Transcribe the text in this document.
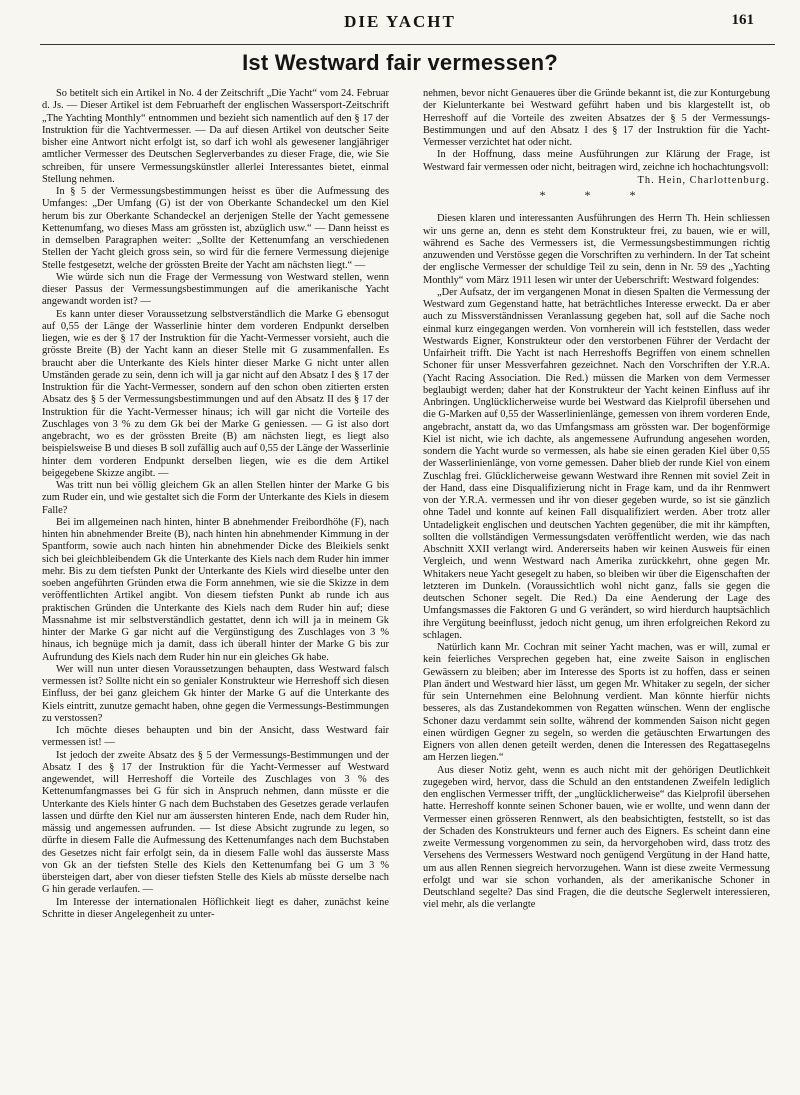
DIE YACHT	161
Ist Westward fair vermessen?

So betitelt sich ein Artikel in No. 4 der Zeitschrift „Die Yacht“ vom 24. Februar d. Js. — Dieser Artikel ist dem Februarheft der englischen Wassersport-Zeitschrift „The Yachting Monthly“ entnommen und bezieht sich namentlich auf den § 17 der Instruktion für die Yachtvermesser. — Da auf diesen Artikel von deutscher Seite bisher eine Antwort nicht erfolgt ist, so darf ich wohl als gewesener langjähriger amtlicher Vermesser des Deutschen Seglerverbandes zu dieser Frage, die, wie Sie schreiben, für unsere Vermessungskünstler allerlei Interessantes bietet, einmal Stellung nehmen.

In § 5 der Vermessungsbestimmungen heisst es über die Aufmessung des Umfanges: „Der Umfang (G) ist der von Oberkante Schandeckel um den Kiel herum bis zur Oberkante Schandeckel an derjenigen Stelle der Yacht gemessene Kettenumfang, wo dieses Mass am grössten ist, abzüglich usw.“ — Dann heisst es in demselben Paragraphen weiter: „Sollte der Kettenumfang an verschiedenen Stellen der Yacht gleich gross sein, so wird für die fernere Vermessung diejenige Stelle festgesetzt, welche der grössten Breite der Yacht am nächsten liegt.“ —

Wie würde sich nun die Frage der Vermessung von Westward stellen, wenn dieser Passus der Vermessungsbestimmungen auf die amerikanische Yacht angewandt worden ist? —

Es kann unter dieser Voraussetzung selbstverständlich die Marke G ebensogut auf 0,55 der Länge der Wasserlinie hinter dem vorderen Endpunkt derselben liegen, wie es der § 17 der Instruktion für die Yacht-Vermesser vorsieht, auch die grösste Breite (B) der Yacht kann an dieser Stelle mit G zusammenfallen. Es braucht aber die Unterkante des Kiels hinter dieser Marke G nicht unter allen Umständen gerade zu sein, denn ich will ja gar nicht auf den Absatz I des § 17 der Instruktion für die Yacht-Vermesser, sondern auf den schon oben zitierten ersten Absatz des § 5 der Vermessungsbestimmungen und auf den Absatz II des § 17 der Instruktion für die Yacht-Vermesser hinaus; ich will gar nicht die Vorteile des Zuschlages von 3 % zu dem Gk bei der Marke G geniessen. — G ist also dort angebracht, wo es der grössten Breite (B) am nächsten liegt, es liegt also beispielsweise B und dieses B soll zufällig auch auf 0,55 der Länge der Wasserlinie hinter dem vorderen Endpunkt derselben liegen, wie es die dem Artikel beigegebene Skizze angibt. —

Was tritt nun bei völlig gleichem Gk an allen Stellen hinter der Marke G bis zum Ruder ein, und wie gestaltet sich die Form der Unterkante des Kiels in diesem Falle?

Bei im allgemeinen nach hinten, hinter B abnehmender Freibordhöhe (F), nach hinten hin abnehmender Breite (B), nach hinten hin abnehmender Kimmung in der Spantform, sowie auch nach hinten hin abnehmender Dicke des Bleikiels senkt sich bei gleichbleibendem Gk die Unterkante des Kiels nach dem Ruder hin immer mehr. Bis zu dem tiefsten Punkt der Unterkante des Kiels wird dieselbe unter den soeben angeführten Gründen etwa die Form annehmen, wie sie die Skizze in dem veröffentlichten Artikel angibt. Von diesem tiefsten Punkt ab runde ich aus praktischen Gründen die Unterkante des Kiels nach dem Ruder hin auf; diese Massnahme ist mir selbstverständlich gestattet, denn ich will ja in meinem Gk hinter der Marke G gar nicht auf die Vergünstigung des Zuschlages von 3 % hinaus, ich begnüge mich ja damit, dass ich überall hinter der Marke G bis zur Aufrundung des Kiels nach dem Ruder hin nur ein gleiches Gk habe.

Wer will nun unter diesen Voraussetzungen behaupten, dass Westward falsch vermessen ist? Sollte nicht ein so genialer Konstrukteur wie Herreshoff sich diesen Einfluss, der bei ganz gleichem Gk hinter der Marke G auf die Unterkante des Kiels eintritt, zunutze gemacht haben, ohne gegen die Vermessungs-Bestimmungen zu verstossen?

Ich möchte dieses behaupten und bin der Ansicht, dass Westward fair vermessen ist! —

Ist jedoch der zweite Absatz des § 5 der Vermessungs-Bestimmungen und der Absatz I des § 17 der Instruktion für die Yacht-Vermesser auf Westward angewendet, will Herreshoff die Vorteile des Zuschlages von 3 % des Kettenumfangmasses bei G für sich in Anspruch nehmen, dann müsste er die Unterkante des Kiels hinter G nach dem Buchstaben des Gesetzes gerade verlaufen lassen und dürfte den Kiel nur am äussersten hinteren Ende, nach dem Ruder hin, mässig und angemessen aufrunden. — Ist diese Absicht zugrunde zu legen, so dürfte in diesem Falle die Aufmessung des Kettenumfanges nach dem Buchstaben des Gesetzes nicht fair erfolgt sein, da in diesem Falle wohl das äusserste Mass von Gk an der tiefsten Stelle des Kiels den Kettenumfang bei G um 3 % übersteigen dart, aber von dieser tiefsten Stelle des Kiels ab müsste derselbe nach G hin gerade verlaufen. —

Im Interesse der internationalen Höflichkeit liegt es daher, zunächst keine Schritte in dieser Angelegenheit zu unter-

nehmen, bevor nicht Genaueres über die Gründe bekannt ist, die zur Konturgebung der Kielunterkante bei Westward geführt haben und bis klargestellt ist, ob Herreshoff auf die Vorteile des zweiten Absatzes der § 5 der Vermessungs-Bestimmungen und auf den Absatz I des § 17 der Instruktion für die Yacht-Vermesser verzichtet hat oder nicht.

In der Hoffnung, dass meine Ausführungen zur Klärung der Frage, ist Westward fair vermessen oder nicht, beitragen wird, zeichne ich hochachtungsvoll:

Th. Hein, Charlottenburg.
* * *

Diesen klaren und interessanten Ausführungen des Herrn Th. Hein schliessen wir uns gerne an, denn es steht dem Konstrukteur frei, zu bauen, wie er will, während es Sache des Vermessers ist, die Vermessungsbestimmungen richtig anzuwenden und Verstösse gegen die Vorschriften zu verhindern. In der Tat scheint der englische Vermesser der schuldige Teil zu sein, denn in Nr. 59 des „Yachting Monthly“ vom März 1911 lesen wir unter der Ueberschrift: Westward folgendes:

„Der Aufsatz, der im vergangenen Monat in diesen Spalten die Vermessung der Westward zum Gegenstand hatte, hat beträchtliches Interesse erweckt. Da er aber auch zu Missverständnissen Veranlassung gegeben hat, soll auf die Sache noch einmal kurz eingegangen werden. Von vornherein will ich feststellen, dass weder Westwards Eigner, Konstrukteur oder den verstorbenen Führer der Verdacht der Unfairheit trifft. Die Yacht ist nach Herreshoffs Begriffen von einem schnellen Schoner für unser Messverfahren gezeichnet. Nach den Vorschriften der Y.R.A. (Yacht Racing Association. Die Red.) müssen die Marken von dem Vermesser beglaubigt werden; daher hat der Konstrukteur der Yacht keinen Einfluss auf ihr Anbringen. Unglücklicherweise wurde bei Westward das Kielprofil übersehen und die G-Marken auf 0,55 der Wasserlinienlänge, gemessen von ihrem vorderen Ende, angebracht, anstatt da, wo das Umfangsmass am grössten war. Der bogenförmige Kiel ist nicht, wie ich dachte, als angemessene Aufrundung angesehen worden, sondern die Yacht wurde so vermessen, als habe sie einen geraden Kiel über 0,55 der Wasserlinienlänge, von vorne gemessen. Daher blieb der runde Kiel von einem Zuschlag frei. Glücklicherweise gewann Westward ihre Rennen mit soviel Zeit in der Hand, dass eine Disqualifizierung nicht in Frage kam, und da ihr Renmwert von der Y.R.A. vermessen und ihr von dieser gegeben wurde, so ist sie gänzlich ohne Tadel und konnte auf keinen Fall disqualifiziert werden. Aber trotz aller Untadeligkeit englischen und deutschen Yachten gegenüber, die mit ihr kämpften, sollten die vollständigen Vermessungsdaten veröffentlicht werden, wie das nach Abschnitt XXII verlangt wird. Andererseits haben wir keinen Ausweis für einen Vergleich, und wenn Westward nach Amerika zurückkehrt, ohne gegen Mr. Whitakers neue Yacht gesegelt zu haben, so bleiben wir über die Eigenschaften der letzteren im Dunkeln. (Voraussichtlich wohl nicht ganz, falls sie gegen die deutschen Schoner segelt. Die Red.) Da eine Aenderung der Lage des Umfangsmasses die Faktoren G und G verändert, so wird hierdurch hauptsächlich ihre Vergütung beeinflusst, jedoch nicht genug, um ihren erfolgreichen Rekord zu schlagen.

Natürlich kann Mr. Cochran mit seiner Yacht machen, was er will, zumal er kein feierliches Versprechen gegeben hat, eine zweite Saison in englischen Gewässern zu bleiben; aber im Interesse des Sports ist zu hoffen, dass er seinen Plan ändert und Westward hier lässt, um gegen Mr. Whitaker zu segeln, der sicher für sein Unternehmen eine Belohnung verdient. Man könnte hierfür nichts besseres, als das Zustandekommen von Regatten wünschen. Wenn der englische Schoner dazu verdammt sein sollte, während der kommenden Saison nicht gegen einen würdigen Gegner zu segeln, so werden die getäuschten Erwartungen des Eigners von allen denen geteilt werden, denen die Interessen des Regattasegelns am Herzen liegen.“

Aus dieser Notiz geht, wenn es auch nicht mit der gehörigen Deutlichkeit zugegeben wird, hervor, dass die Schuld an den entstandenen Zweifeln lediglich den englischen Vermesser trifft, der „unglücklicherweise“ das Kielprofil übersehen hatte. Herreshoff konnte seinen Schoner bauen, wie er wollte, und wenn dann der Vermesser einen grösseren Rennwert, als den beabsichtigten, feststellt, so ist das der Schaden des Konstrukteurs und ferner auch des Eigners. Es scheint dann eine zweite Vermessung vorgenommen zu sein, da hervorgehoben wird, dass trotz des Versehens des Vermessers Westward noch genügend Vergütung in der Hand hatte, um aus allen Rennen siegreich hervorzugehen. Wann ist diese zweite Vermessung erfolgt und war sie schon vorhanden, als der amerikanische Schoner in Deutschland segelte? Das sind Fragen, die die deutsche Seglerwelt interessieren, viel mehr, als die verlangte
